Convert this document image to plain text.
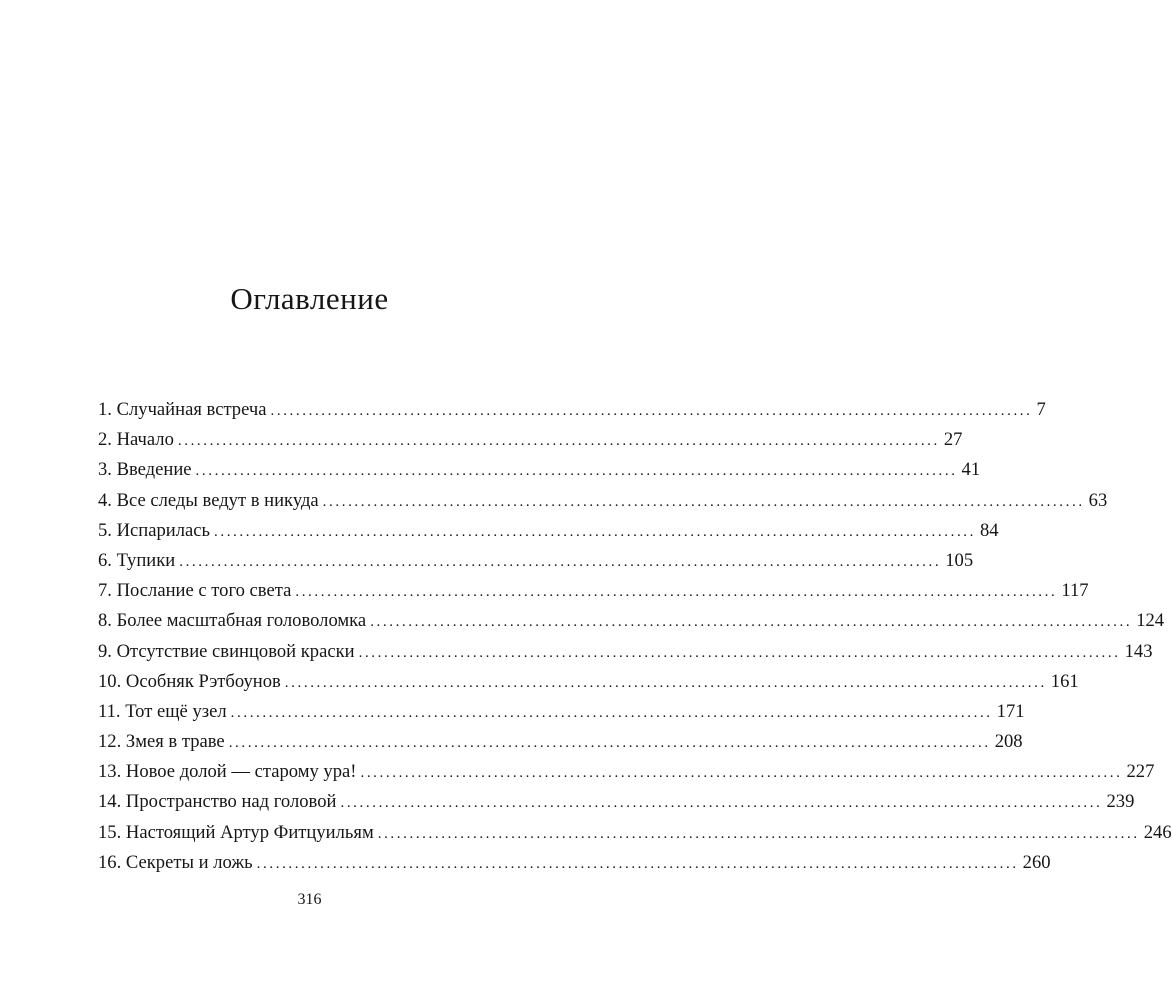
Оглавление
1. Случайная встреча ........................................................................................................................ 7
2. Начало ........................................................................................................................ 27
3. Введение ........................................................................................................................ 41
4. Все следы ведут в никуда ........................................................................................................................ 63
5. Испарилась ........................................................................................................................ 84
6. Тупики ........................................................................................................................ 105
7. Послание с того света ........................................................................................................................ 117
8. Более масштабная головоломка ........................................................................................................................ 124
9. Отсутствие свинцовой краски ........................................................................................................................ 143
10. Особняк Рэтбоунов ........................................................................................................................ 161
11. Тот ещё узел ........................................................................................................................ 171
12. Змея в траве ........................................................................................................................ 208
13. Новое долой — старому ура! ........................................................................................................................ 227
14. Пространство над головой ........................................................................................................................ 239
15. Настоящий Артур Фитцуильям ........................................................................................................................ 246
16. Секреты и ложь ........................................................................................................................ 260
316
